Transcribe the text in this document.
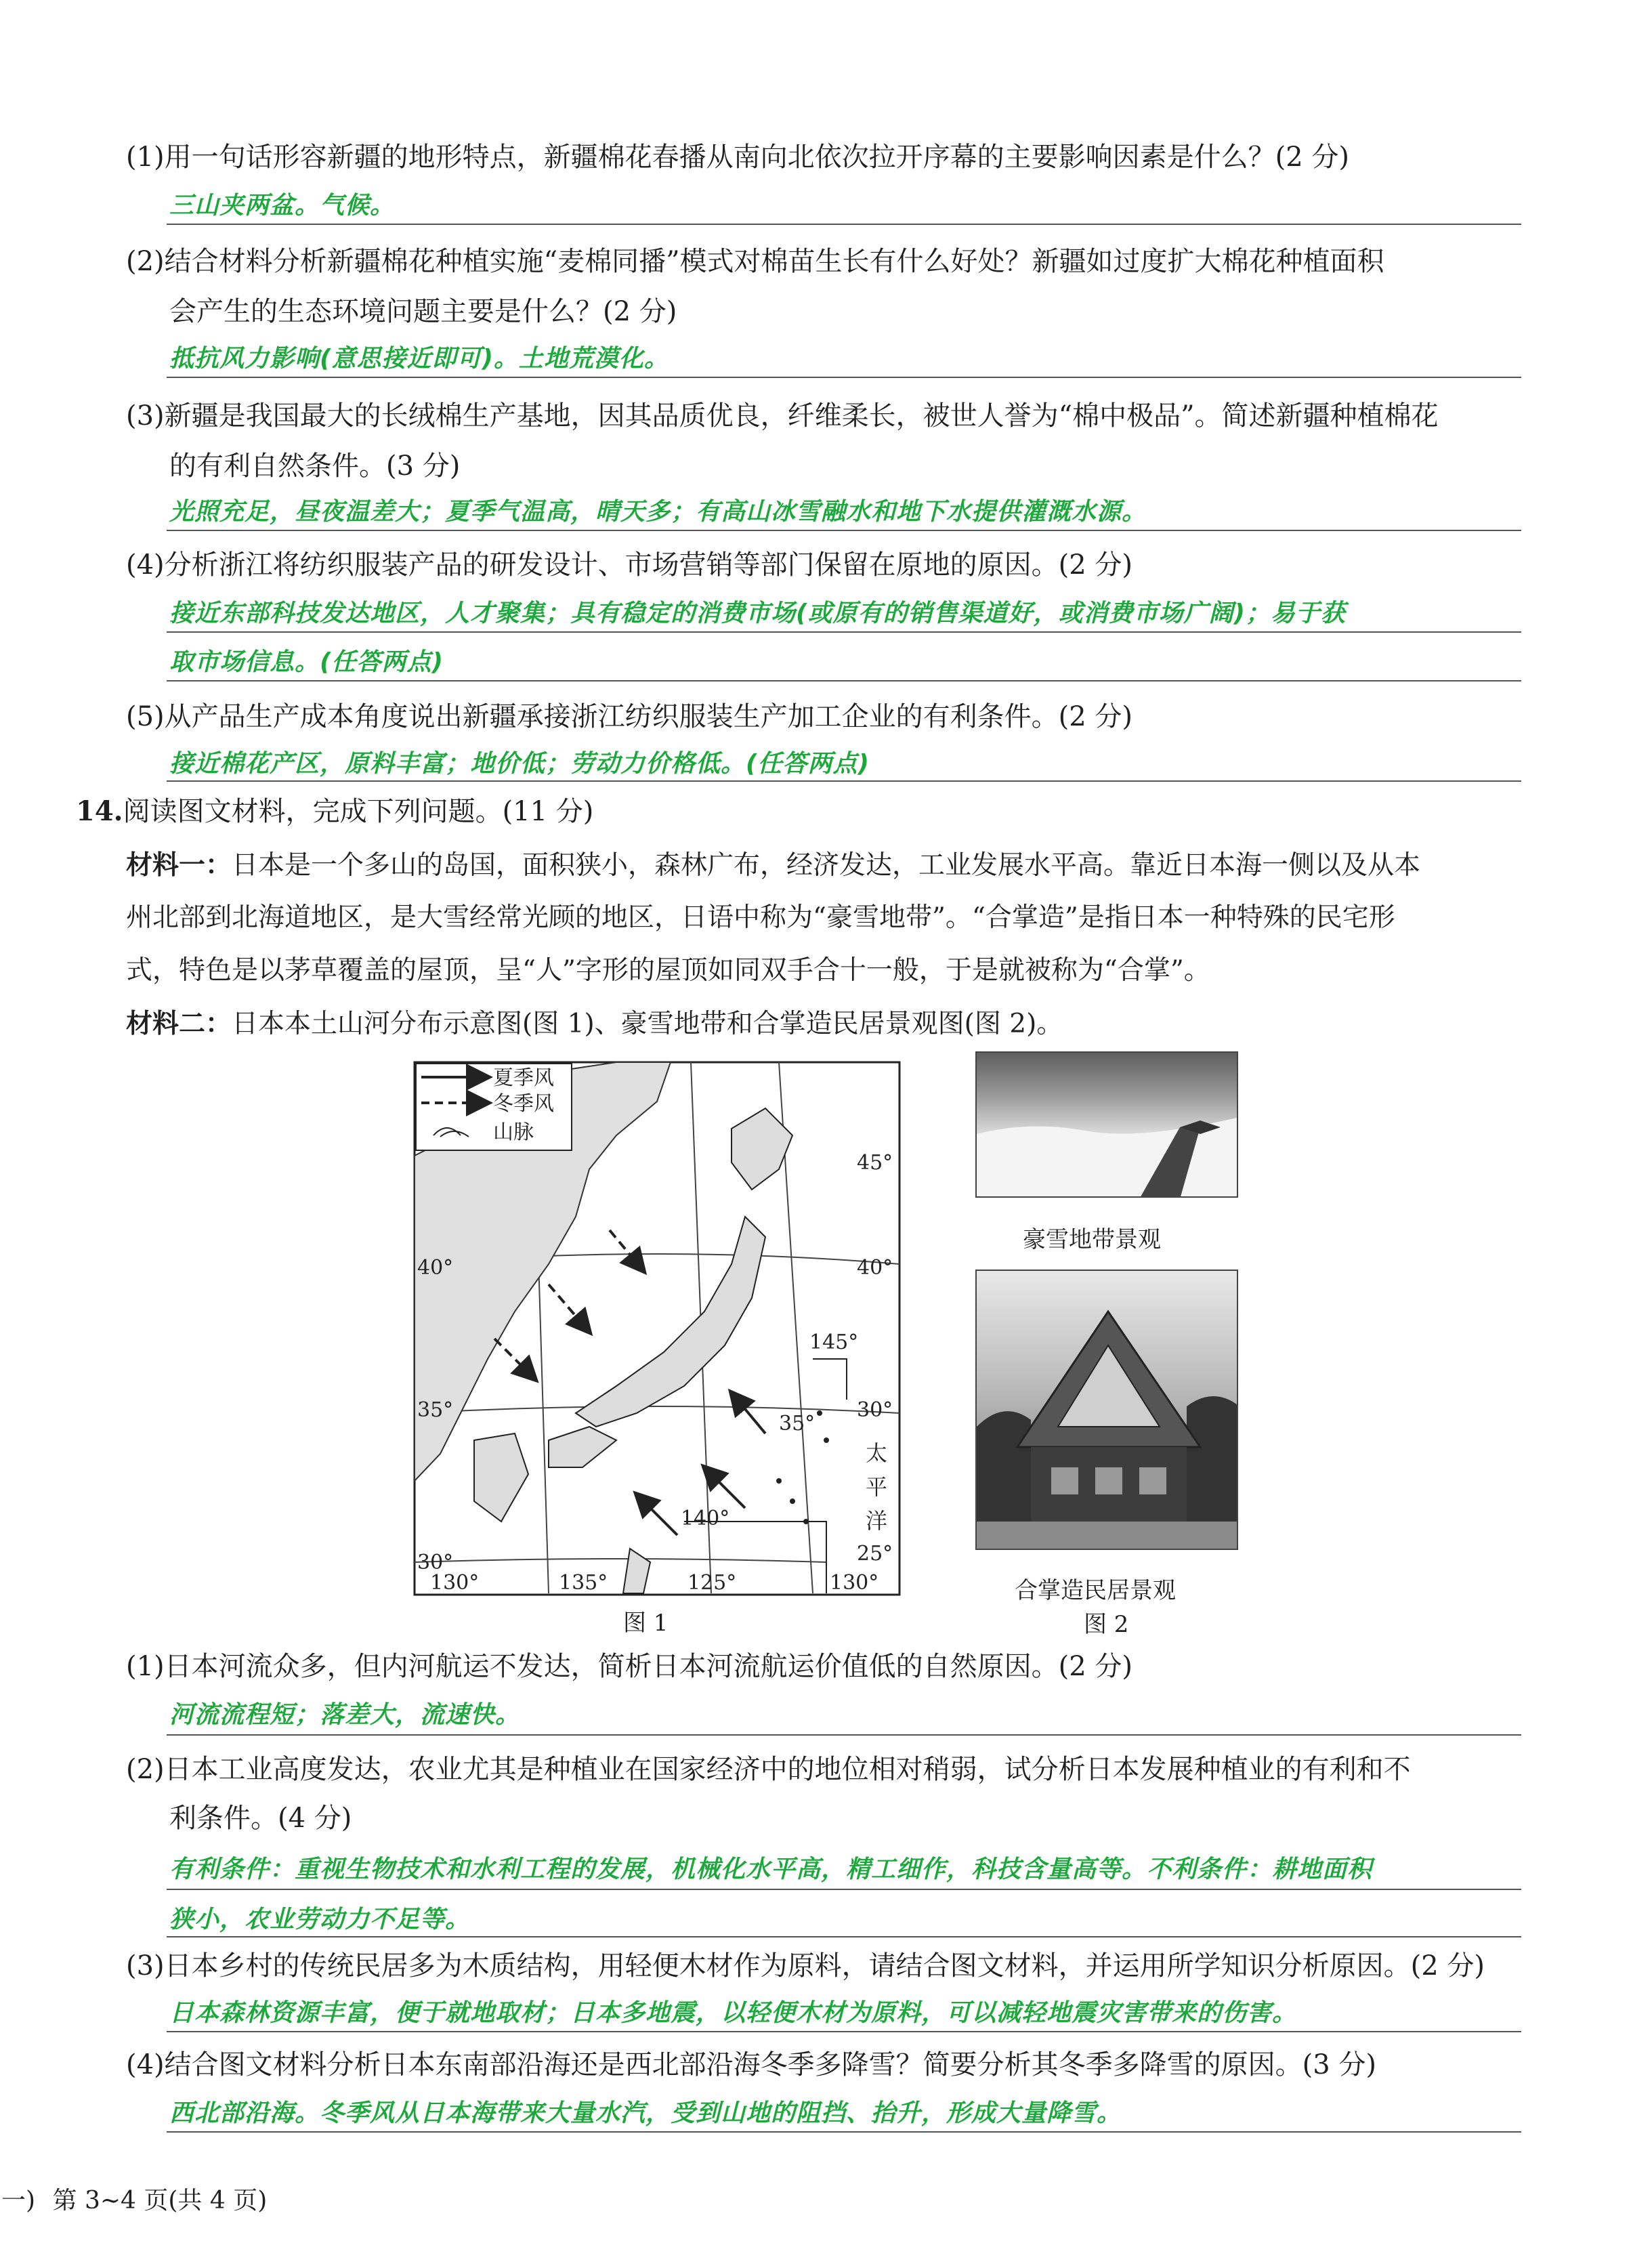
(1)用一句话形容新疆的地形特点，新疆棉花春播从南向北依次拉开序幕的主要影响因素是什么？(2 分)
三山夹两盆。气候。
(2)结合材料分析新疆棉花种植实施“麦棉同播”模式对棉苗生长有什么好处？新疆如过度扩大棉花种植面积
会产生的生态环境问题主要是什么？(2 分)
抵抗风力影响(意思接近即可)。土地荒漠化。
(3)新疆是我国最大的长绒棉生产基地，因其品质优良，纤维柔长，被世人誉为“棉中极品”。简述新疆种植棉花
的有利自然条件。(3 分)
光照充足，昼夜温差大；夏季气温高，晴天多；有高山冰雪融水和地下水提供灌溉水源。
(4)分析浙江将纺织服装产品的研发设计、市场营销等部门保留在原地的原因。(2 分)
接近东部科技发达地区，人才聚集；具有稳定的消费市场(或原有的销售渠道好，或消费市场广阔)；易于获
取市场信息。(任答两点)
(5)从产品生产成本角度说出新疆承接浙江纺织服装生产加工企业的有利条件。(2 分)
接近棉花产区，原料丰富；地价低；劳动力价格低。(任答两点)
14.阅读图文材料，完成下列问题。(11 分)
材料一：日本是一个多山的岛国，面积狭小，森林广布，经济发达，工业发展水平高。靠近日本海一侧以及从本
州北部到北海道地区，是大雪经常光顾的地区，日语中称为“豪雪地带”。“合掌造”是指日本一种特殊的民宅形
式，特色是以茅草覆盖的屋顶，呈“人”字形的屋顶如同双手合十一般，于是就被称为“合掌”。
材料二：日本本土山河分布示意图(图 1)、豪雪地带和合掌造民居景观图(图 2)。
夏季风
冬季风
山脉
45°
40°	40°
35°
35°
30°
30°
25°
145°
140°
135°
130°	130°
125°
太
平
洋
图 1
豪雪地带景观
合掌造民居景观
图 2
(1)日本河流众多，但内河航运不发达，简析日本河流航运价值低的自然原因。(2 分)
河流流程短；落差大，流速快。
(2)日本工业高度发达，农业尤其是种植业在国家经济中的地位相对稍弱，试分析日本发展种植业的有利和不
利条件。(4 分)
有利条件：重视生物技术和水利工程的发展，机械化水平高，精工细作，科技含量高等。不利条件：耕地面积
狭小，农业劳动力不足等。
(3)日本乡村的传统民居多为木质结构，用轻便木材作为原料，请结合图文材料，并运用所学知识分析原因。(2 分)
日本森林资源丰富，便于就地取材；日本多地震，以轻便木材为原料，可以减轻地震灾害带来的伤害。
(4)结合图文材料分析日本东南部沿海还是西北部沿海冬季多降雪？简要分析其冬季多降雪的原因。(3 分)
西北部沿海。冬季风从日本海带来大量水汽，受到山地的阻挡、抬升，形成大量降雪。
一) 第 3~4 页(共 4 页)
